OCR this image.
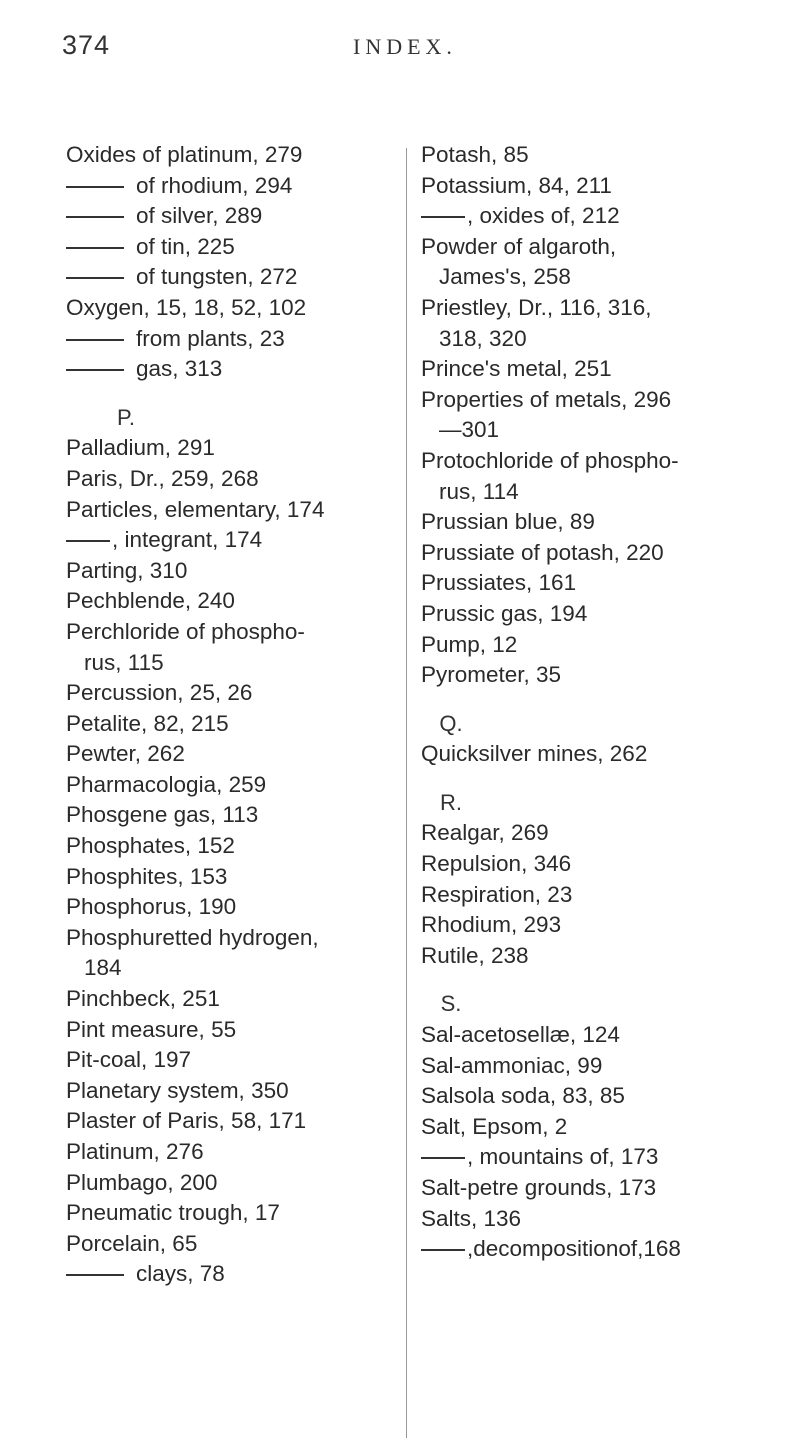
374	INDEX.
Oxides of platinum, 279
of rhodium, 294
of silver, 289
of tin, 225
of tungsten, 272
Oxygen, 15, 18, 52, 102
from plants, 23
gas, 313
P.
Palladium, 291
Paris, Dr., 259, 268
Particles, elementary, 174
, integrant, 174
Parting, 310
Pechblende, 240
Perchloride of phospho-
rus, 115
Percussion, 25, 26
Petalite, 82, 215
Pewter, 262
Pharmacologia, 259
Phosgene gas, 113
Phosphates, 152
Phosphites, 153
Phosphorus, 190
Phosphuretted hydrogen,
184
Pinchbeck, 251
Pint measure, 55
Pit-coal, 197
Planetary system, 350
Plaster of Paris, 58, 171
Platinum, 276
Plumbago, 200
Pneumatic trough, 17
Porcelain, 65
clays, 78
Potash, 85
Potassium, 84, 211
, oxides of, 212
Powder of algaroth,
James's, 258
Priestley, Dr., 116, 316,
318, 320
Prince's metal, 251
Properties of metals, 296
—301
Protochloride of phospho-
rus, 114
Prussian blue, 89
Prussiate of potash, 220
Prussiates, 161
Prussic gas, 194
Pump, 12
Pyrometer, 35
Q.
Quicksilver mines, 262
R.
Realgar, 269
Repulsion, 346
Respiration, 23
Rhodium, 293
Rutile, 238
S.
Sal-acetosellæ, 124
Sal-ammoniac, 99
Salsola soda, 83, 85
Salt, Epsom, 2
, mountains of, 173
Salt-petre grounds, 173
Salts, 136
,decompositionof,168
